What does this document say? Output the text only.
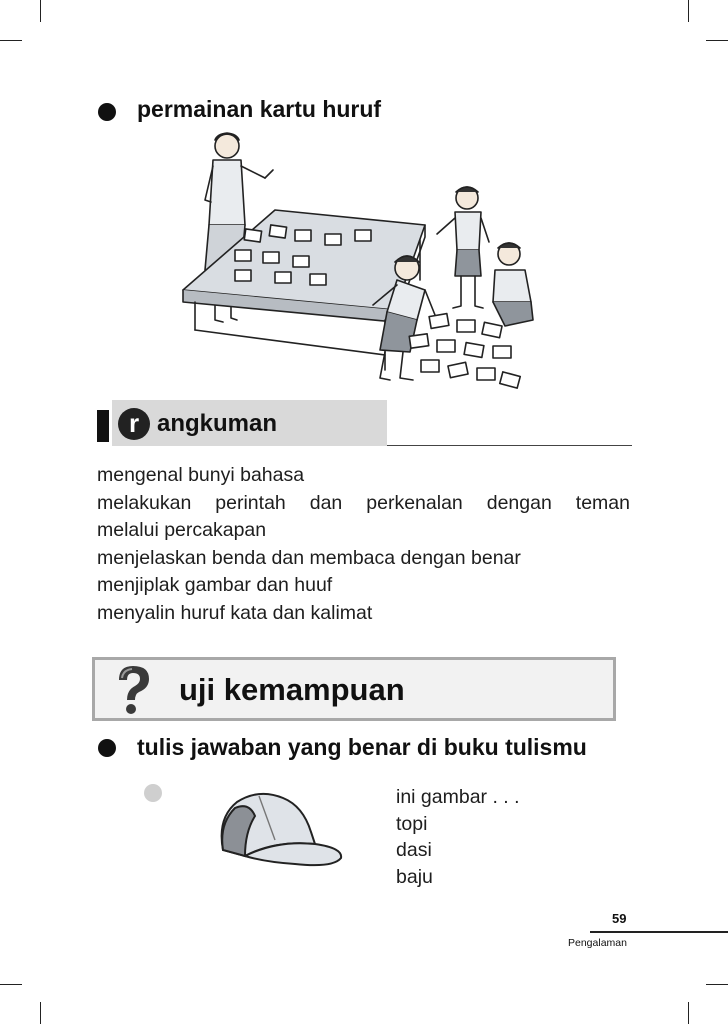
permainan kartu huruf
r angkuman
mengenal bunyi bahasa
melakukan perintah dan perkenalan dengan teman
melalui percakapan
menjelaskan benda dan membaca dengan benar
menjiplak gambar dan huuf
menyalin huruf kata dan kalimat
uji kemampuan
tulis jawaban yang benar di buku tulismu
ini gambar . . .
topi
dasi
baju
59
Pengalaman
